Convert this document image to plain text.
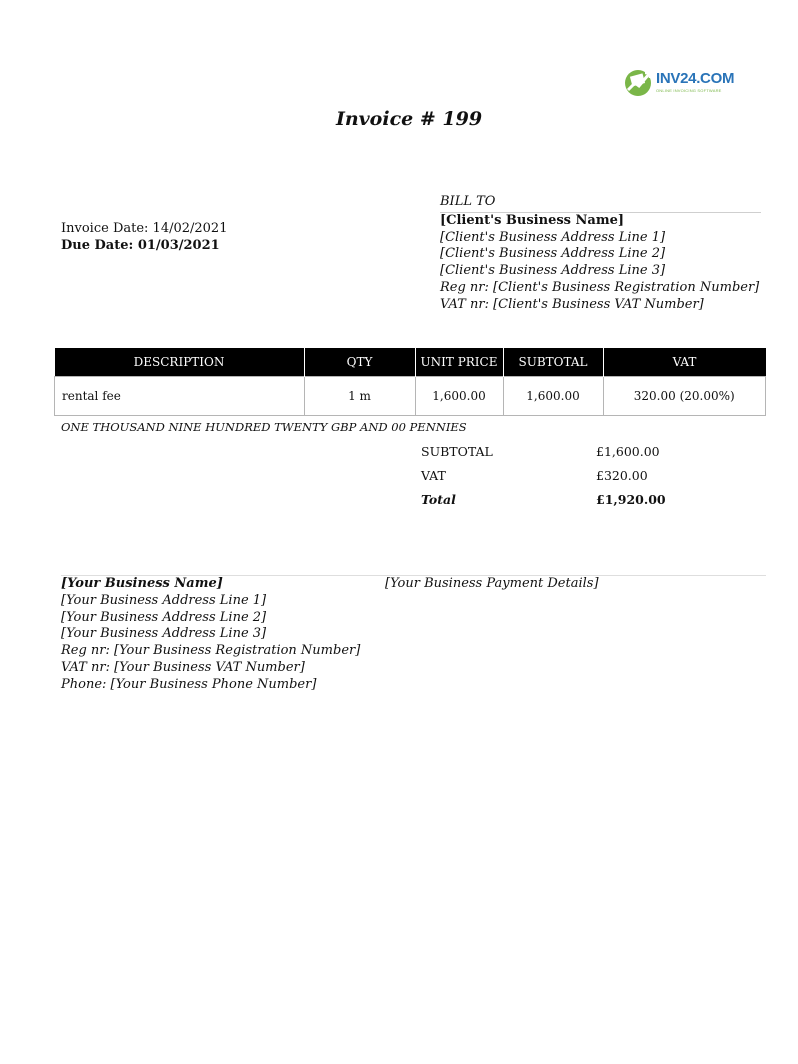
INV24.COM
ONLINE INVOICING SOFTWARE
Invoice # 199
Invoice Date: 14/02/2021
Due Date: 01/03/2021
BILL TO
[Client's Business Name]
[Client's Business Address Line 1]
[Client's Business Address Line 2]
[Client's Business Address Line 3]
Reg nr: [Client's Business Registration Number]
VAT nr: [Client's Business VAT Number]
DESCRIPTION	QTY	UNIT PRICE	SUBTOTAL	VAT
rental fee	1 m	1,600.00	1,600.00	320.00 (20.00%)
ONE THOUSAND NINE HUNDRED TWENTY GBP AND 00 PENNIES
SUBTOTAL	£1,600.00
VAT	£320.00
Total	£1,920.00
[Your Business Name]
[Your Business Address Line 1]
[Your Business Address Line 2]
[Your Business Address Line 3]
Reg nr: [Your Business Registration Number]
VAT nr: [Your Business VAT Number]
Phone: [Your Business Phone Number]
[Your Business Payment Details]
